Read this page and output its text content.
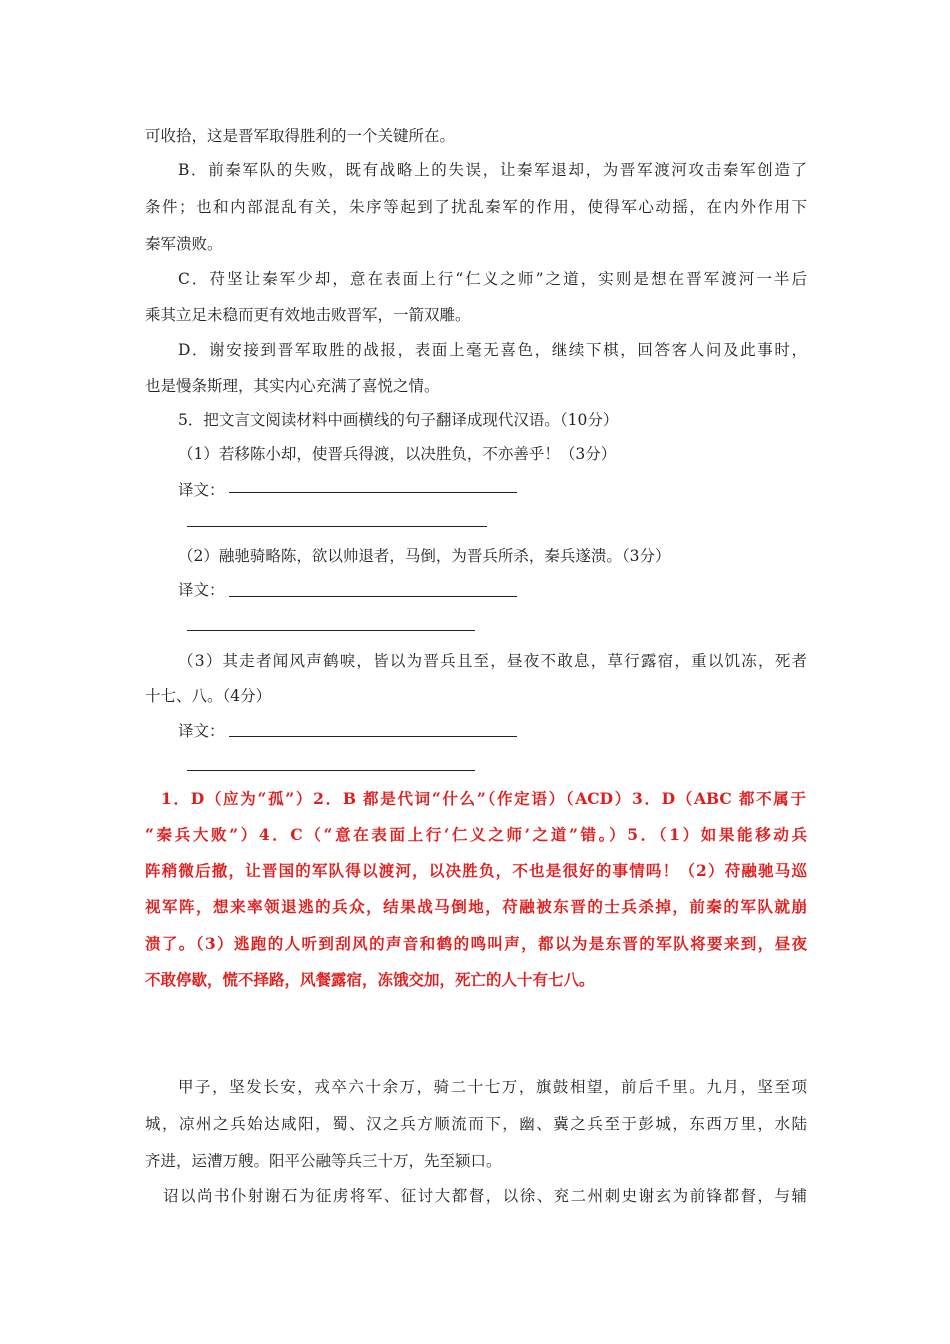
可收拾，这是晋军取得胜利的一个关键所在。
B．前秦军队的失败，既有战略上的失误，让秦军退却，为晋军渡河攻击秦军创造了
条件；也和内部混乱有关，朱序等起到了扰乱秦军的作用，使得军心动摇，在内外作用下
秦军溃败。
C．苻坚让秦军少却，意在表面上行“仁义之师”之道，实则是想在晋军渡河一半后
乘其立足未稳而更有效地击败晋军，一箭双雕。
D．谢安接到晋军取胜的战报，表面上毫无喜色，继续下棋，回答客人问及此事时，
也是慢条斯理，其实内心充满了喜悦之情。
5．把文言文阅读材料中画横线的句子翻译成现代汉语。（10分）
（1）若移陈小却，使晋兵得渡，以决胜负，不亦善乎！（3分）
译文：
（2）融驰骑略陈，欲以帅退者，马倒，为晋兵所杀，秦兵遂溃。（3分）
译文：
（3）其走者闻风声鹤唳，皆以为晋兵且至，昼夜不敢息，草行露宿，重以饥冻，死者
十七、八。（4分）
译文：
1．D（应为“孤”）2．B 都是代词“什么”（作定语）（ACD）3．D（ABC 都不属于
“秦兵大败”）4．C（“意在表面上行‘仁义之师’之道”错。）5．（1）如果能移动兵
阵稍微后撤，让晋国的军队得以渡河，以决胜负，不也是很好的事情吗！（2）苻融驰马巡
视军阵，想来率领退逃的兵众，结果战马倒地，苻融被东晋的士兵杀掉，前秦的军队就崩
溃了。（3）逃跑的人听到刮风的声音和鹤的鸣叫声，都以为是东晋的军队将要来到，昼夜
不敢停歇，慌不择路，风餐露宿，冻饿交加，死亡的人十有七八。
甲子，坚发长安，戎卒六十余万，骑二十七万，旗鼓相望，前后千里。九月，坚至项
城，凉州之兵始达咸阳，蜀、汉之兵方顺流而下，幽、冀之兵至于彭城，东西万里，水陆
齐进，运漕万艘。阳平公融等兵三十万，先至颍口。
诏以尚书仆射谢石为征虏将军、征讨大都督，以徐、兖二州刺史谢玄为前锋都督，与辅
